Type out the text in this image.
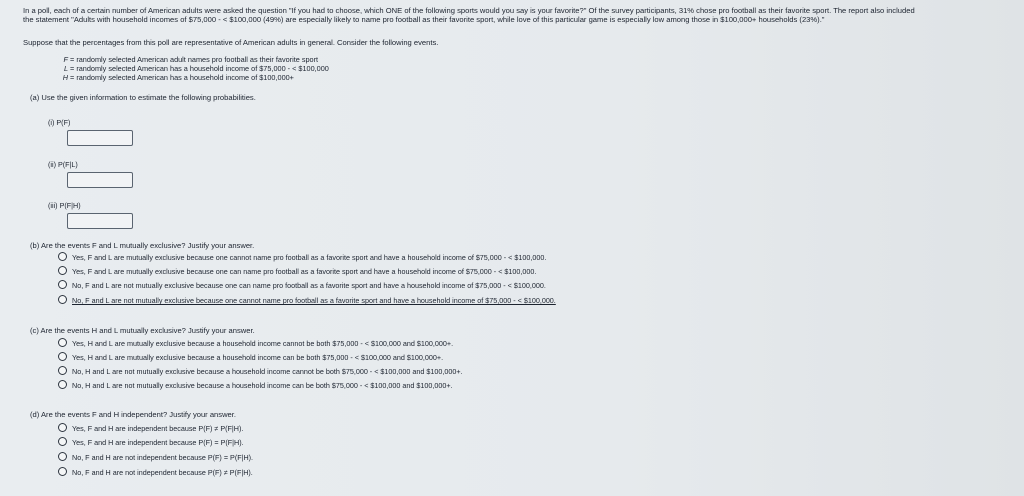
In a poll, each of a certain number of American adults were asked the question "If you had to choose, which ONE of the following sports would you say is your favorite?" Of the survey participants, 31% chose pro football as their favorite sport. The report also included
the statement "Adults with household incomes of $75,000 - < $100,000 (49%) are especially likely to name pro football as their favorite sport, while love of this particular game is especially low among those in $100,000+ households (23%)."
Suppose that the percentages from this poll are representative of American adults in general. Consider the following events.
F = randomly selected American adult names pro football as their favorite sport
L = randomly selected American has a household income of $75,000 - < $100,000
H = randomly selected American has a household income of $100,000+
(a) Use the given information to estimate the following probabilities.
(i) P(F)
(ii) P(F|L)
(iii) P(F|H)
(b) Are the events F and L mutually exclusive? Justify your answer.
Yes, F and L are mutually exclusive because one cannot name pro football as a favorite sport and have a household income of $75,000 - < $100,000.
Yes, F and L are mutually exclusive because one can name pro football as a favorite sport and have a household income of $75,000 - < $100,000.
No, F and L are not mutually exclusive because one can name pro football as a favorite sport and have a household income of $75,000 - < $100,000.
No, F and L are not mutually exclusive because one cannot name pro football as a favorite sport and have a household income of $75,000 - < $100,000.
(c) Are the events H and L mutually exclusive? Justify your answer.
Yes, H and L are mutually exclusive because a household income cannot be both $75,000 - < $100,000 and $100,000+.
Yes, H and L are mutually exclusive because a household income can be both $75,000 - < $100,000 and $100,000+.
No, H and L are not mutually exclusive because a household income cannot be both $75,000 - < $100,000 and $100,000+.
No, H and L are not mutually exclusive because a household income can be both $75,000 - < $100,000 and $100,000+.
(d) Are the events F and H independent? Justify your answer.
Yes, F and H are independent because P(F) ≠ P(F|H).
Yes, F and H are independent because P(F) = P(F|H).
No, F and H are not independent because P(F) = P(F|H).
No, F and H are not independent because P(F) ≠ P(F|H).
